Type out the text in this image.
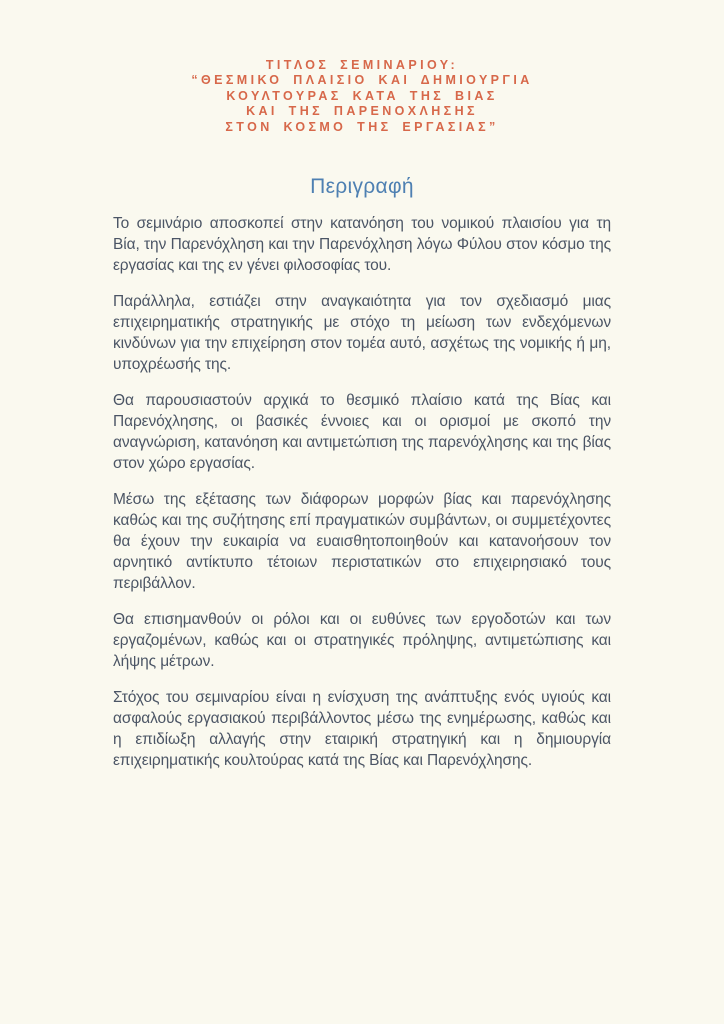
ΤΙΤΛΟΣ ΣΕΜΙΝΑΡΙΟΥ:
“ΘΕΣΜΙΚΟ ΠΛΑΙΣΙΟ ΚΑΙ ΔΗΜΙΟΥΡΓΙΑ
ΚΟΥΛΤΟΥΡΑΣ ΚΑΤΑ ΤΗΣ ΒΙΑΣ
ΚΑΙ ΤΗΣ ΠΑΡΕΝΟΧΛΗΣΗΣ
ΣΤΟΝ ΚΟΣΜΟ ΤΗΣ ΕΡΓΑΣΙΑΣ”
Περιγραφή

Το σεμινάριο αποσκοπεί στην κατανόηση του νομικού πλαισίου για τη Βία, την Παρενόχληση και την Παρενόχληση λόγω Φύλου στον κόσμο της εργασίας και της εν γένει φιλοσοφίας του.

Παράλληλα, εστιάζει στην αναγκαιότητα για τον σχεδιασμό μιας επιχειρηματικής στρατηγικής με στόχο τη μείωση των ενδεχόμενων κινδύνων για την επιχείρηση στον τομέα αυτό, ασχέτως της νομικής ή μη, υποχρέωσής της.

Θα παρουσιαστούν αρχικά το θεσμικό πλαίσιο κατά της Βίας και Παρενόχλησης, οι βασικές έννοιες και οι ορισμοί με σκοπό την αναγνώριση, κατανόηση και αντιμετώπιση της παρενόχλησης και της βίας στον χώρο εργασίας.

Μέσω της εξέτασης των διάφορων μορφών βίας και παρενόχλησης καθώς και της συζήτησης επί πραγματικών συμβάντων, οι συμμετέχοντες θα έχουν την ευκαιρία να ευαισθητοποιηθούν και κατανοήσουν τον αρνητικό αντίκτυπο τέτοιων περιστατικών στο επιχειρησιακό τους περιβάλλον.

Θα επισημανθούν οι ρόλοι και οι ευθύνες των εργοδοτών και των εργαζομένων, καθώς και οι στρατηγικές πρόληψης, αντιμετώπισης και λήψης μέτρων.

Στόχος του σεμιναρίου είναι η ενίσχυση της ανάπτυξης ενός υγιούς και ασφαλούς εργασιακού περιβάλλοντος μέσω της ενημέρωσης, καθώς και η επιδίωξη αλλαγής στην εταιρική στρατηγική και η δημιουργία επιχειρηματικής κουλτούρας κατά της Βίας και Παρενόχλησης.
